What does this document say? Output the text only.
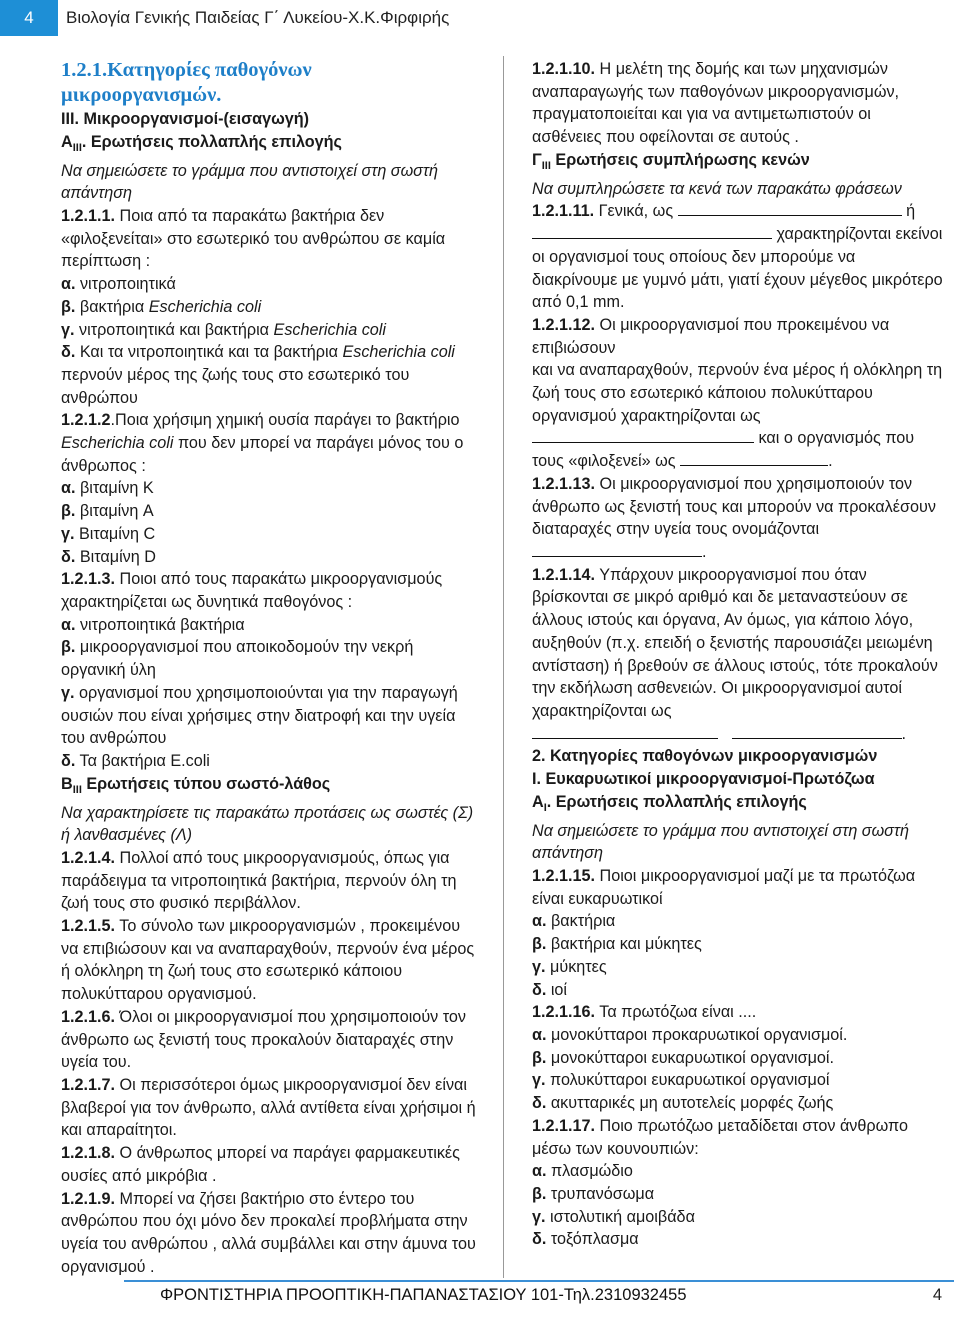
4	Βιολογία Γενικής Παιδείας Γ΄ Λυκείου-Χ.Κ.Φιρφιρής

1.2.1.Κατηγορίες παθογόνων

μικροοργανισμών.

ΙΙΙ. Μικροοργανισμοί-(εισαγωγή)

$A_{III}$. Ερωτήσεις πολλαπλής επιλογής

Να σημειώσετε το γράμμα που αντιστοιχεί στη σωστή απάντηση

1.2.1.1. Ποια από τα παρακάτω βακτήρια δεν «φιλοξενείται» στο εσωτερικό του ανθρώπου σε καμία περίπτωση :

α. νιτροποιητικά

β. βακτήρια Escherichia coli

γ. νιτροποιητικά και βακτήρια Escherichia coli

δ. Και τα νιτροποιητικά και τα βακτήρια Escherichia coli περνούν μέρος της ζωής τους στο εσωτερικό του ανθρώπου

1.2.1.2.Ποια χρήσιμη χημική ουσία παράγει το βακτήριο Escherichia coli που δεν μπορεί να παράγει μόνος του ο άνθρωπος :

α. βιταμίνη K

β. βιταμίνη A

γ. Βιταμίνη C

δ. Βιταμίνη D

1.2.1.3. Ποιοι από τους παρακάτω μικροοργανισμούς χαρακτηρίζεται ως δυνητικά παθογόνος :

α. νιτροποιητικά βακτήρια

β. μικροοργανισμοί που αποικοδομούν την νεκρή οργανική ύλη

γ. οργανισμοί που χρησιμοποιούνται για την παραγωγή ουσιών που είναι χρήσιμες στην διατροφή και την υγεία του ανθρώπου

δ. Τα βακτήρια E.coli

$B_{III}$ Ερωτήσεις τύπου σωστό-λάθος

Να χαρακτηρίσετε τις παρακάτω προτάσεις ως σωστές (Σ) ή λανθασμένες (Λ)

1.2.1.4. Πολλοί από τους μικροοργανισμούς, όπως για παράδειγμα τα νιτροποιητικά βακτήρια, περνούν όλη τη ζωή τους στο φυσικό περιβάλλον.

1.2.1.5. Το σύνολο των μικροοργανισμών , προκειμένου να επιβιώσουν και να αναπαραχθούν, περνούν ένα μέρος ή ολόκληρη τη ζωή τους στο εσωτερικό κάποιου πολυκύτταρου οργανισμού.

1.2.1.6. Όλοι οι μικροοργανισμοί που χρησιμοποιούν τον άνθρωπο ως ξενιστή τους προκαλούν διαταραχές στην υγεία του.

1.2.1.7. Οι περισσότεροι όμως μικροοργανισμοί δεν είναι βλαβεροί για τον άνθρωπο, αλλά αντίθετα είναι χρήσιμοι ή και απαραίτητοι.

1.2.1.8. Ο άνθρωπος μπορεί να παράγει φαρμακευτικές ουσίες από μικρόβια .

1.2.1.9. Μπορεί να ζήσει βακτήριο στο έντερο του ανθρώπου που όχι μόνο δεν προκαλεί προβλήματα στην υγεία του ανθρώπου , αλλά συμβάλλει και στην άμυνα του οργανισμού .

1.2.1.10. Η μελέτη της δομής και των μηχανισμών αναπαραγωγής των παθογόνων μικροοργανισμών, πραγματοποιείται και για να αντιμετωπιστούν οι ασθένειες που οφείλονται σε αυτούς .

$\Gamma_{III}$ Ερωτήσεις συμπλήρωσης κενών

Να συμπληρώσετε τα κενά των παρακάτω φράσεων

1.2.1.11. Γενικά, ως	ή
χαρακτηρίζονται εκείνοι οι οργανισμοί τους οποίους δεν μπορούμε να διακρίνουμε με γυμνό μάτι, γιατί έχουν μέγεθος μικρότερο από 0,1 mm.

1.2.1.12. Οι μικροοργανισμοί που προκειμένου να επιβιώσουν
και να αναπαραχθούν, περνούν ένα μέρος ή ολόκληρη τη ζωή τους στο εσωτερικό κάποιου πολυκύτταρου οργανισμού χαρακτηρίζονται ως
και ο οργανισμός που τους «φιλοξενεί» ως	.

1.2.1.13. Οι μικροοργανισμοί που χρησιμοποιούν τον άνθρωπο ως ξενιστή τους και μπορούν να προκαλέσουν διαταραχές στην υγεία τους ονομάζονται .

1.2.1.14. Υπάρχουν μικροοργανισμοί που όταν βρίσκονται σε μικρό αριθμό και δε μεταναστεύουν σε άλλους ιστούς και όργανα, Αν όμως, για κάποιο λόγο, αυξηθούν (π.χ. επειδή ο ξενιστής παρουσιάζει μειωμένη αντίσταση) ή βρεθούν σε άλλους ιστούς, τότε προκαλούν την εκδήλωση ασθενειών. Οι μικροοργανισμοί αυτοί χαρακτηρίζονται ως
.

2. Κατηγορίες παθογόνων μικροοργανισμών

Ι. Ευκαρυωτικοί μικροοργανισμοί-Πρωτόζωα

$A_I$. Ερωτήσεις πολλαπλής επιλογής

Να σημειώσετε το γράμμα που αντιστοιχεί στη σωστή απάντηση

1.2.1.15. Ποιοι μικροοργανισμοί μαζί με τα πρωτόζωα είναι ευκαρυωτικοί

α. βακτήρια

β. βακτήρια και μύκητες

γ. μύκητες

δ. ιοί

1.2.1.16. Τα πρωτόζωα είναι ....

α. μονοκύτταροι προκαρυωτικοί οργανισμοί.

β. μονοκύτταροι ευκαρυωτικοί οργανισμοί.

γ. πολυκύτταροι ευκαρυωτικοί οργανισμοί

δ. ακυτταρικές μη αυτοτελείς μορφές ζωής

1.2.1.17. Ποιο πρωτόζωο μεταδίδεται στον άνθρωπο μέσω των κουνουπιών:

α. πλασμώδιο

β. τρυπανόσωμα

γ. ιστολυτική αμοιβάδα

δ. τοξόπλασμα

ΦΡΟΝΤΙΣΤΗΡΙΑ ΠΡΟΟΠΤΙΚΗ-ΠΑΠΑΝΑΣΤΑΣΙΟΥ 101-Τηλ.2310932455	4
